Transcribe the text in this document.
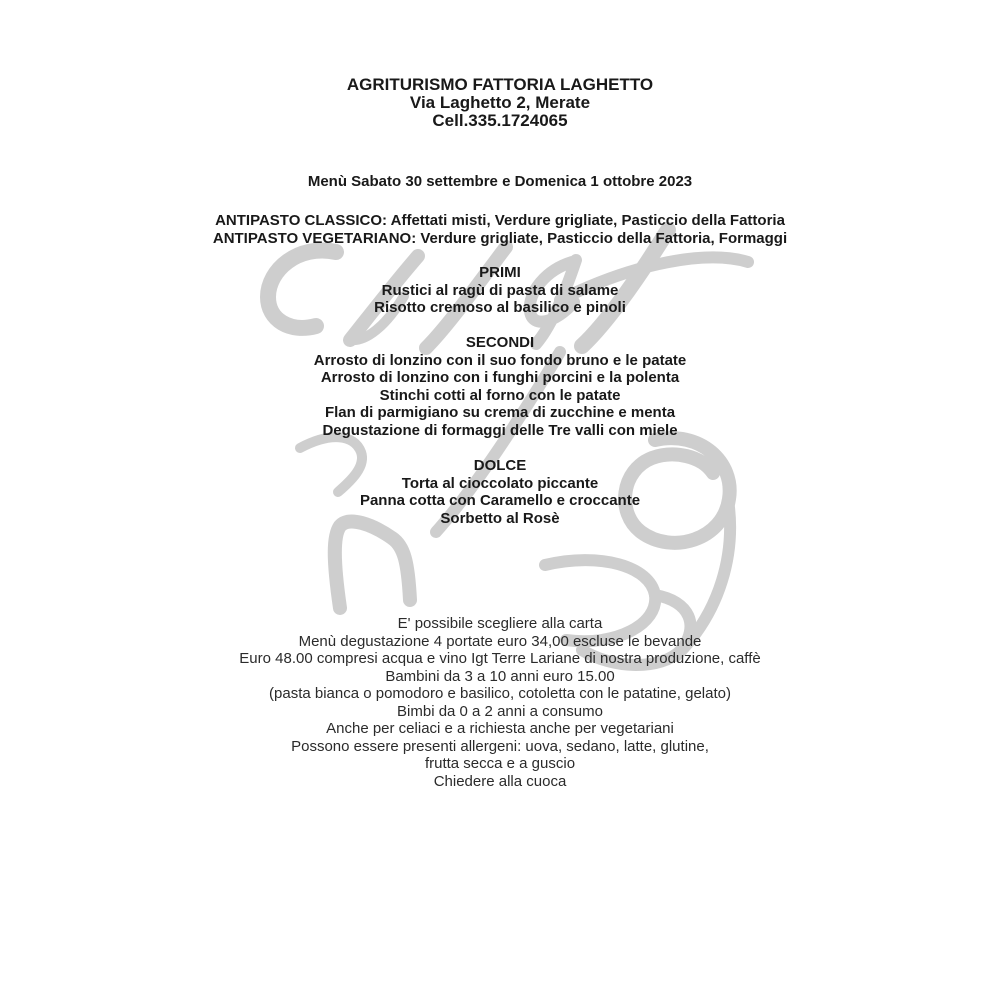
AGRITURISMO FATTORIA LAGHETTO
Via Laghetto 2, Merate
Cell.335.1724065
Menù Sabato 30 settembre e Domenica 1 ottobre 2023
ANTIPASTO CLASSICO: Affettati misti, Verdure grigliate, Pasticcio della Fattoria
ANTIPASTO VEGETARIANO: Verdure grigliate, Pasticcio della Fattoria, Formaggi
PRIMI
Rustici al ragù di pasta di salame
Risotto cremoso al basilico e pinoli
SECONDI
Arrosto di lonzino con il suo fondo bruno e le patate
Arrosto di lonzino con i funghi porcini e la polenta
Stinchi cotti al forno con le patate
Flan di parmigiano su crema di zucchine e menta
Degustazione di formaggi delle Tre valli con miele
DOLCE
Torta al cioccolato piccante
Panna cotta con Caramello e croccante
Sorbetto al Rosè
E' possibile scegliere alla carta
Menù degustazione 4 portate euro 34,00 escluse le bevande
Euro 48.00 compresi acqua e vino Igt Terre Lariane di nostra produzione, caffè
Bambini da 3 a 10 anni euro 15.00
(pasta bianca o pomodoro e basilico, cotoletta con le patatine, gelato)
Bimbi da 0 a 2 anni a consumo
Anche per celiaci e a richiesta anche per vegetariani
Possono essere presenti allergeni: uova, sedano, latte, glutine,
frutta secca e a guscio
Chiedere alla cuoca
